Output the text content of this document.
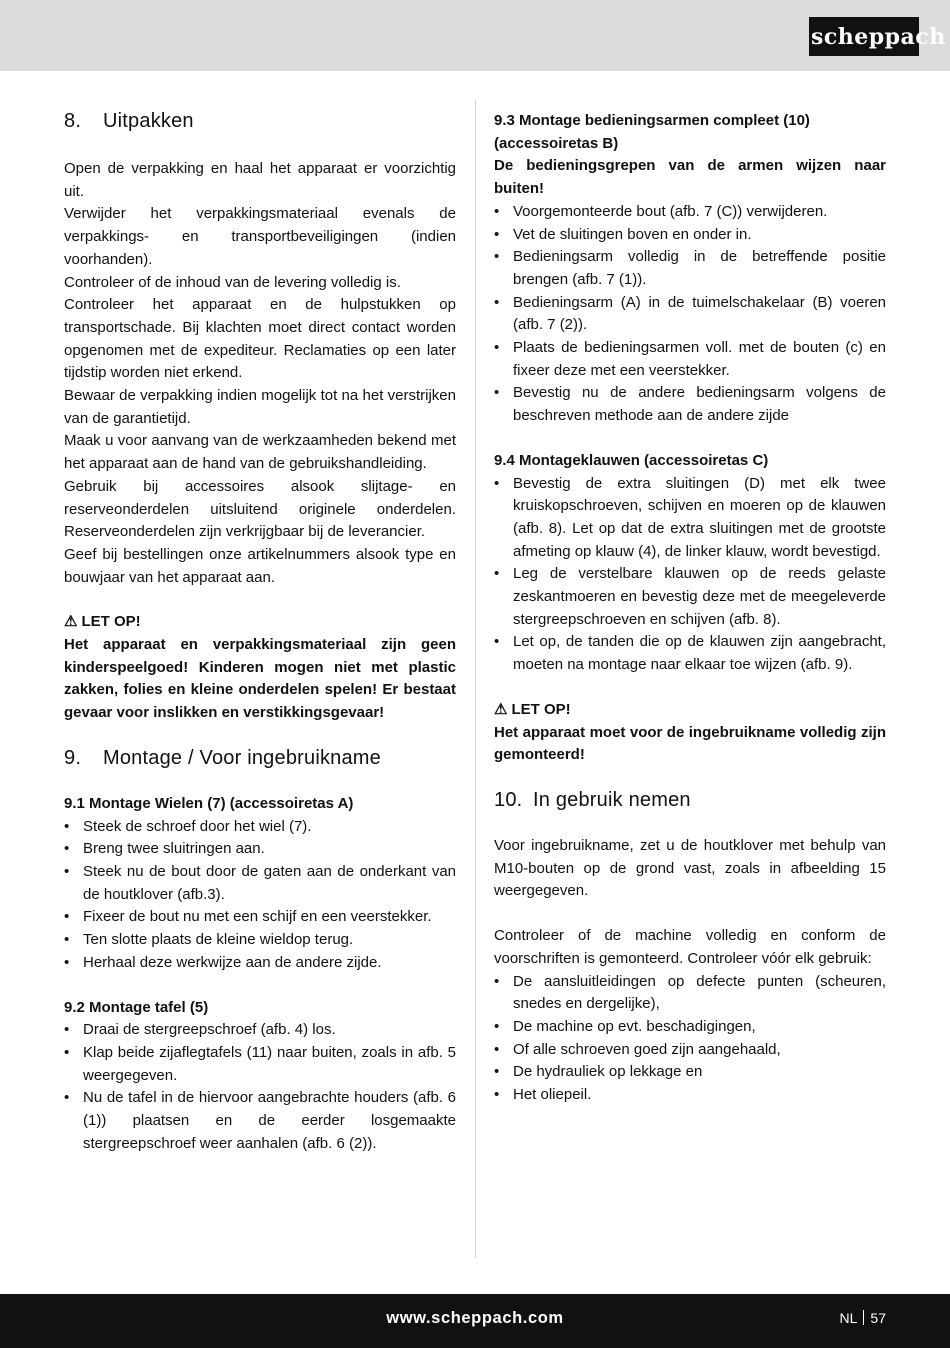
scheppach
8.	Uitpakken

Open de verpakking en haal het apparaat er voorzichtig uit.

Verwijder het verpakkingsmateriaal evenals de verpakkings- en transportbeveiligingen (indien voorhanden).

Controleer of de inhoud van de levering volledig is.

Controleer het apparaat en de hulpstukken op transportschade. Bij klachten moet direct contact worden opgenomen met de expediteur. Reclamaties op een later tijdstip worden niet erkend.

Bewaar de verpakking indien mogelijk tot na het verstrijken van de garantietijd.

Maak u voor aanvang van de werkzaamheden bekend met het apparaat aan de hand van de gebruikshandleiding.

Gebruik bij accessoires alsook slijtage- en reserveonderdelen uitsluitend originele onderdelen. Reserveonderdelen zijn verkrijgbaar bij de leverancier.

Geef bij bestellingen onze artikelnummers alsook type en bouwjaar van het apparaat aan.

⚠ LET OP!

Het apparaat en verpakkingsmateriaal zijn geen kinderspeelgoed! Kinderen mogen niet met plastic zakken, folies en kleine onderdelen spelen! Er bestaat gevaar voor inslikken en verstikkingsgevaar!

9.	Montage / Voor ingebruikname
9.1 Montage Wielen (7) (accessoiretas A)
• Steek de schroef door het wiel (7).
• Breng twee sluitringen aan.
• Steek nu de bout door de gaten aan de onderkant van de houtklover (afb.3).
• Fixeer de bout nu met een schijf en een veerstekker.
• Ten slotte plaats de kleine wieldop terug.
• Herhaal deze werkwijze aan de andere zijde.
9.2 Montage tafel (5)
• Draai de stergreepschroef (afb. 4) los.
• Klap beide zijaflegtafels (11) naar buiten, zoals in afb. 5 weergegeven.
• Nu de tafel in de hiervoor aangebrachte houders (afb. 6 (1)) plaatsen en de eerder losgemaakte stergreepschroef weer aanhalen (afb. 6 (2)).
9.3 Montage bedieningsarmen compleet (10) (accessoiretas B)

De bedieningsgrepen van de armen wijzen naar buiten!

• Voorgemonteerde bout (afb. 7 (C)) verwijderen.
• Vet de sluitingen boven en onder in.
• Bedieningsarm volledig in de betreffende positie brengen (afb. 7 (1)).
• Bedieningsarm (A) in de tuimelschakelaar (B) voeren (afb. 7 (2)).
• Plaats de bedieningsarmen voll. met de bouten (c) en fixeer deze met een veerstekker.
• Bevestig nu de andere bedieningsarm volgens de beschreven methode aan de andere zijde
9.4 Montageklauwen (accessoiretas C)
• Bevestig de extra sluitingen (D) met elk twee kruiskopschroeven, schijven en moeren op de klauwen (afb. 8). Let op dat de extra sluitingen met de grootste afmeting op klauw (4), de linker klauw, wordt bevestigd.
• Leg de verstelbare klauwen op de reeds gelaste zeskantmoeren en bevestig deze met de meegeleverde stergreepschroeven en schijven (afb. 8).
• Let op, de tanden die op de klauwen zijn aangebracht, moeten na montage naar elkaar toe wijzen (afb. 9).
⚠ LET OP!

Het apparaat moet voor de ingebruikname volledig zijn gemonteerd!

10. In gebruik nemen

Voor ingebruikname, zet u de houtklover met behulp van M10-bouten op de grond vast, zoals in afbeelding 15 weergegeven.

Controleer of de machine volledig en conform de voorschriften is gemonteerd. Controleer vóór elk gebruik:

• De aansluitleidingen op defecte punten (scheuren, snedes en dergelijke),
• De machine op evt. beschadigingen,
• Of alle schroeven goed zijn aangehaald,
• De hydrauliek op lekkage en
• Het oliepeil.
www.scheppach.com	NL 57
